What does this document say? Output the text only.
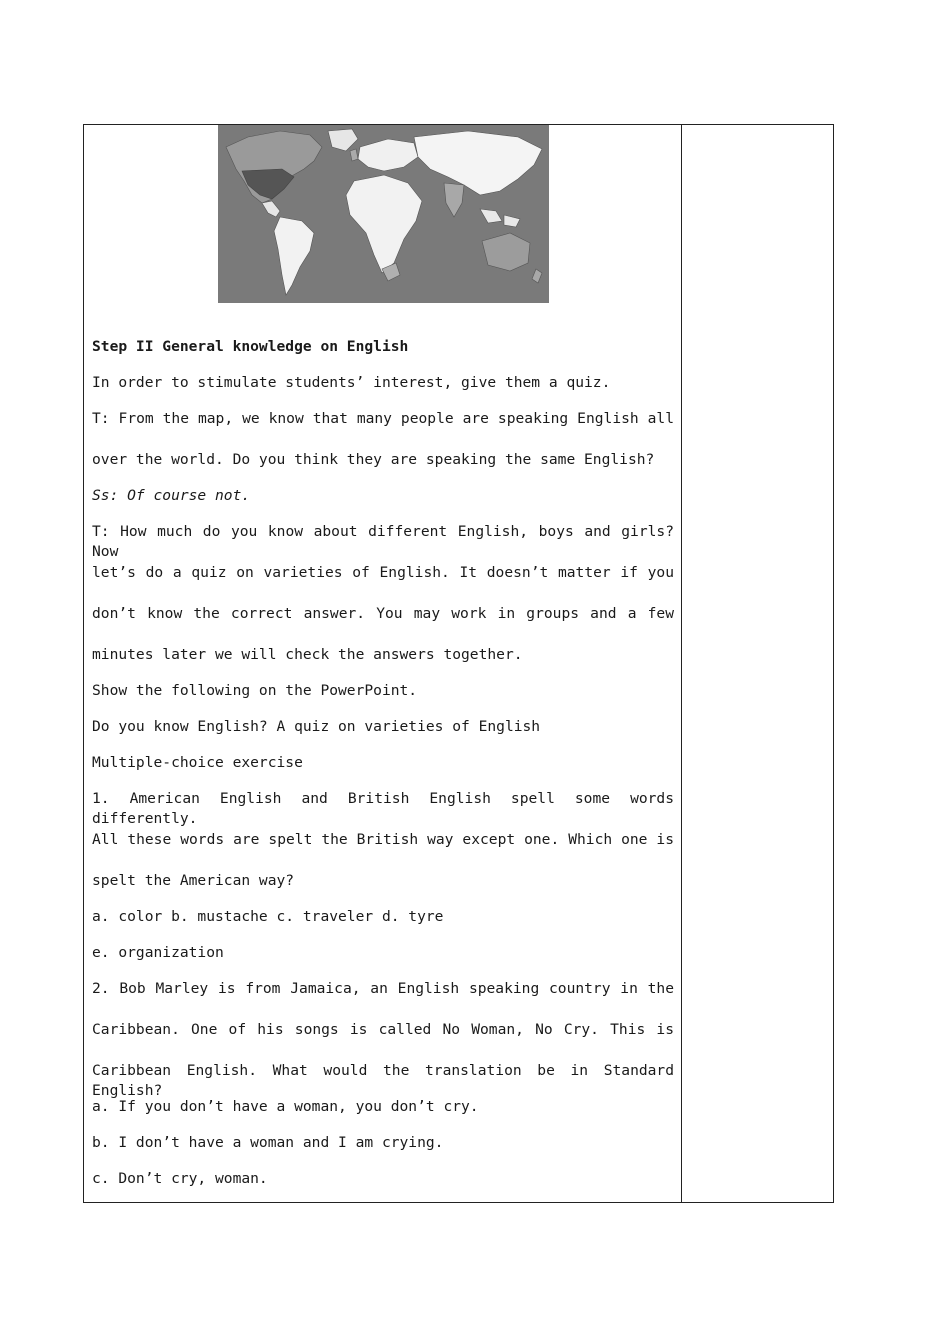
Step II General knowledge on English
In order to stimulate students’ interest, give them a quiz.
T: From the map, we know that many people are speaking English all
over the world. Do you think they are speaking the same English?
Ss: Of course not.
T: How much do you know about different English, boys and girls? Now
let’s do a quiz on varieties of English. It doesn’t matter if you
don’t know the correct answer. You may work in groups and a few
minutes later we will check the answers together.
Show the following on the PowerPoint.
Do you know English? A quiz on varieties of English
Multiple-choice exercise
1. American English and British English spell some words differently.
All these words are spelt the British way except one. Which one is
spelt the American way?
a. color b. mustache c. traveler d. tyre
e. organization
2. Bob Marley is from Jamaica, an English speaking country in the
Caribbean. One of his songs is called No Woman, No Cry. This is
Caribbean English. What would the translation be in Standard English?
a. If you don’t have a woman, you don’t cry.
b. I don’t have a woman and I am crying.
c. Don’t cry, woman.
